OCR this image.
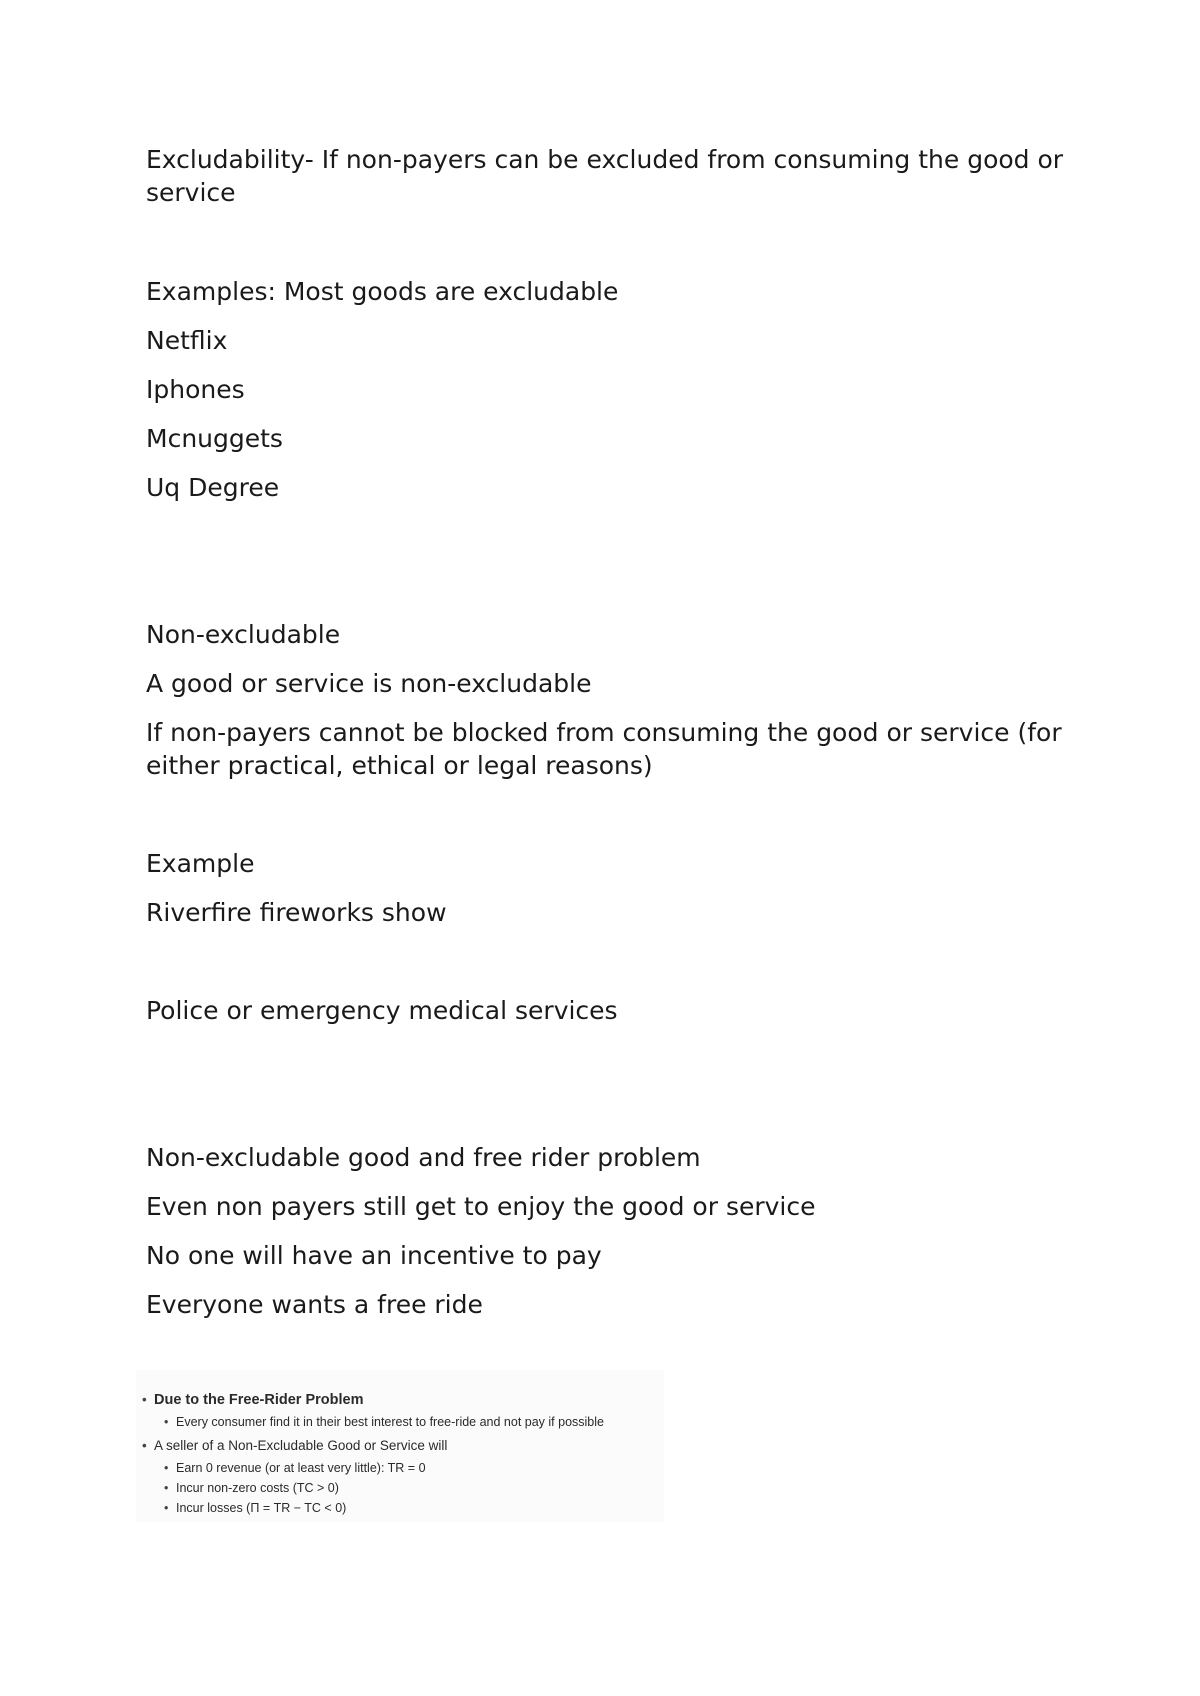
Excludability- If non-payers can be excluded from consuming the good or
service
Examples: Most goods are excludable
Netflix
Iphones
Mcnuggets
Uq Degree
Non-excludable
A good or service is non-excludable
If non-payers cannot be blocked from consuming the good or service (for
either practical, ethical or legal reasons)
Example
Riverfire fireworks show
Police or emergency medical services
Non-excludable good and free rider problem
Even non payers still get to enjoy the good or service
No one will have an incentive to pay
Everyone wants a free ride
• Due to the Free-Rider Problem
• Every consumer find it in their best interest to free-ride and not pay if possible
• A seller of a Non-Excludable Good or Service will
• Earn 0 revenue (or at least very little): TR = 0
• Incur non-zero costs (TC > 0)
• Incur losses (Π = TR − TC < 0)
